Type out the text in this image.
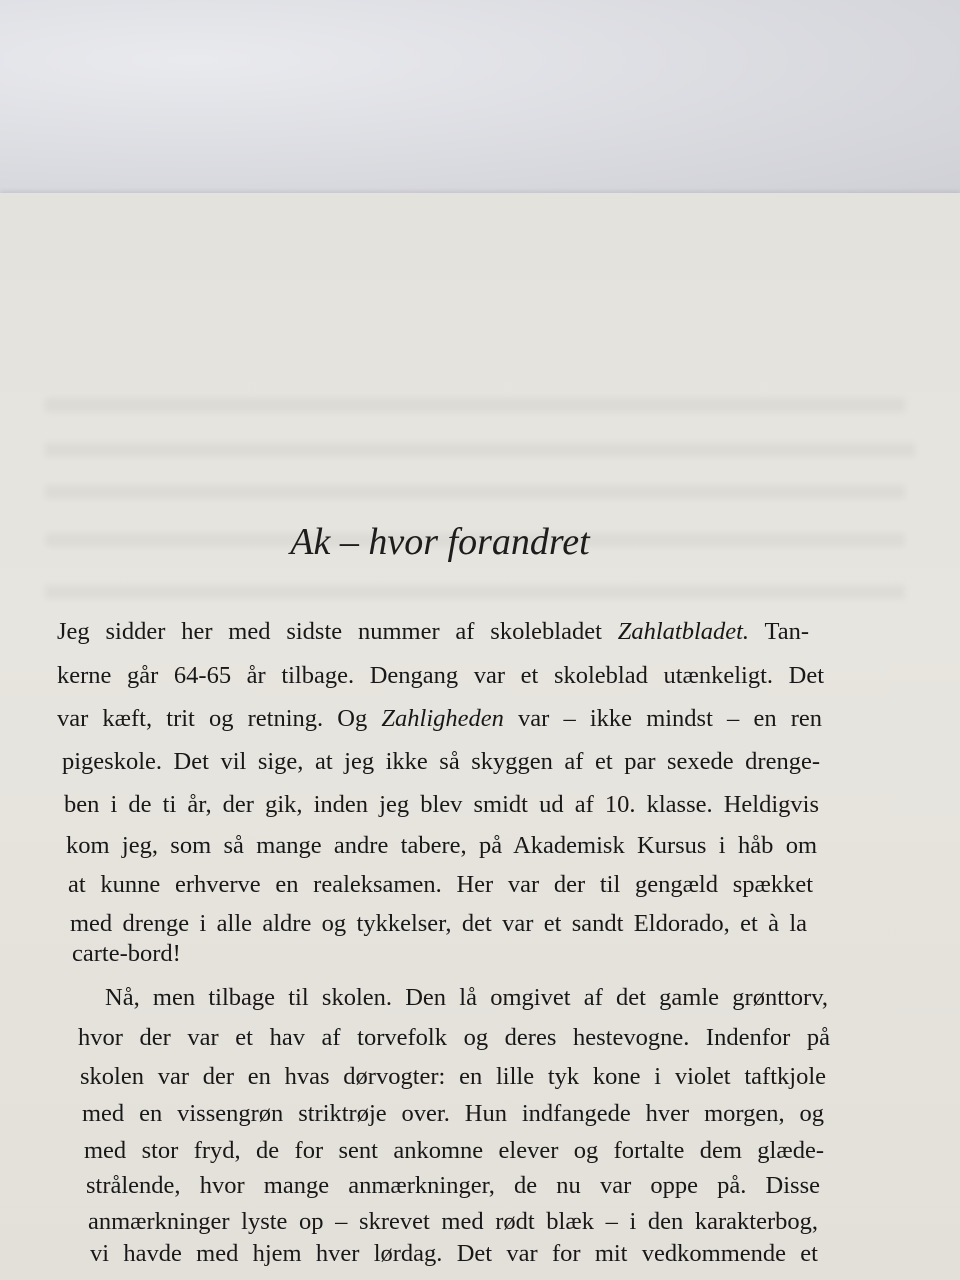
Ak – hvor forandret
Jeg sidder her med sidste nummer af skolebladet Zahlatbladet. Tan-
kerne går 64-65 år tilbage. Dengang var et skoleblad utænkeligt. Det
var kæft, trit og retning. Og Zahligheden var – ikke mindst – en ren
pigeskole. Det vil sige, at jeg ikke så skyggen af et par sexede drenge-
ben i de ti år, der gik, inden jeg blev smidt ud af 10. klasse. Heldigvis
kom jeg, som så mange andre tabere, på Akademisk Kursus i håb om
at kunne erhverve en realeksamen. Her var der til gengæld spækket
med drenge i alle aldre og tykkelser, det var et sandt Eldorado, et à la
carte-bord!
Nå, men tilbage til skolen. Den lå omgivet af det gamle grønttorv,
hvor der var et hav af torvefolk og deres hestevogne. Indenfor på
skolen var der en hvas dørvogter: en lille tyk kone i violet taftkjole
med en vissengrøn striktrøje over. Hun indfangede hver morgen, og
med stor fryd, de for sent ankomne elever og fortalte dem glæde-
strålende, hvor mange anmærkninger, de nu var oppe på. Disse
anmærkninger lyste op – skrevet med rødt blæk – i den karakterbog,
vi havde med hjem hver lørdag. Det var for mit vedkommende et
